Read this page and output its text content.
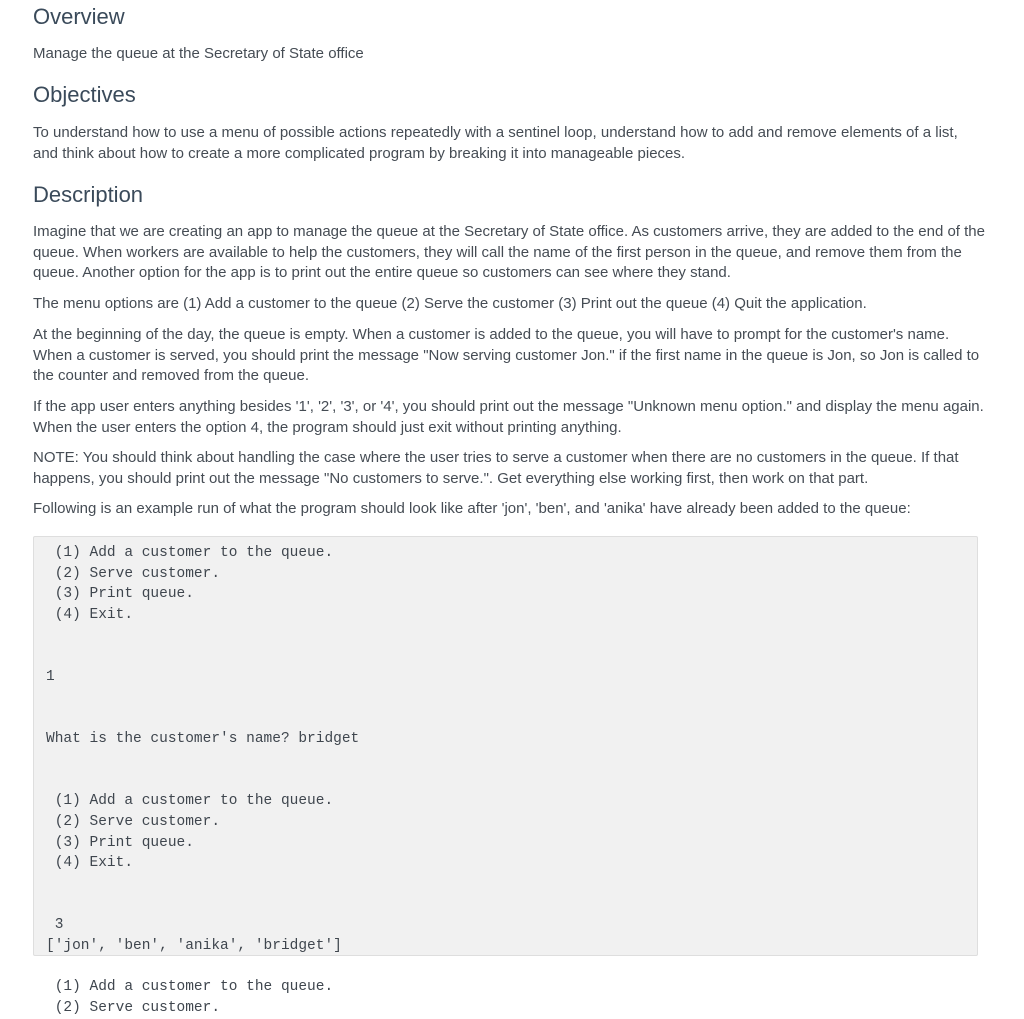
Overview

Manage the queue at the Secretary of State office

Objectives

To understand how to use a menu of possible actions repeatedly with a sentinel loop, understand how to add and remove elements of a list, and think about how to create a more complicated program by breaking it into manageable pieces.

Description

Imagine that we are creating an app to manage the queue at the Secretary of State office. As customers arrive, they are added to the end of the queue. When workers are available to help the customers, they will call the name of the first person in the queue, and remove them from the queue. Another option for the app is to print out the entire queue so customers can see where they stand.

The menu options are (1) Add a customer to the queue (2) Serve the customer (3) Print out the queue (4) Quit the application.

At the beginning of the day, the queue is empty. When a customer is added to the queue, you will have to prompt for the customer's name. When a customer is served, you should print the message "Now serving customer Jon." if the first name in the queue is Jon, so Jon is called to the counter and removed from the queue.

If the app user enters anything besides '1', '2', '3', or '4', you should print out the message "Unknown menu option." and display the menu again. When the user enters the option 4, the program should just exit without printing anything.

NOTE: You should think about handling the case where the user tries to serve a customer when there are no customers in the queue. If that happens, you should print out the message "No customers to serve.". Get everything else working first, then work on that part.

Following is an example run of what the program should look like after 'jon', 'ben', and 'anika' have already been added to the queue:

(1) Add a customer to the queue.
(2) Serve customer.
(3) Print queue.
(4) Exit.
1
What is the customer's name? bridget
(1) Add a customer to the queue.
(2) Serve customer.
(3) Print queue.
(4) Exit.
3
['jon', 'ben', 'anika', 'bridget']
(1) Add a customer to the queue.
(2) Serve customer.
